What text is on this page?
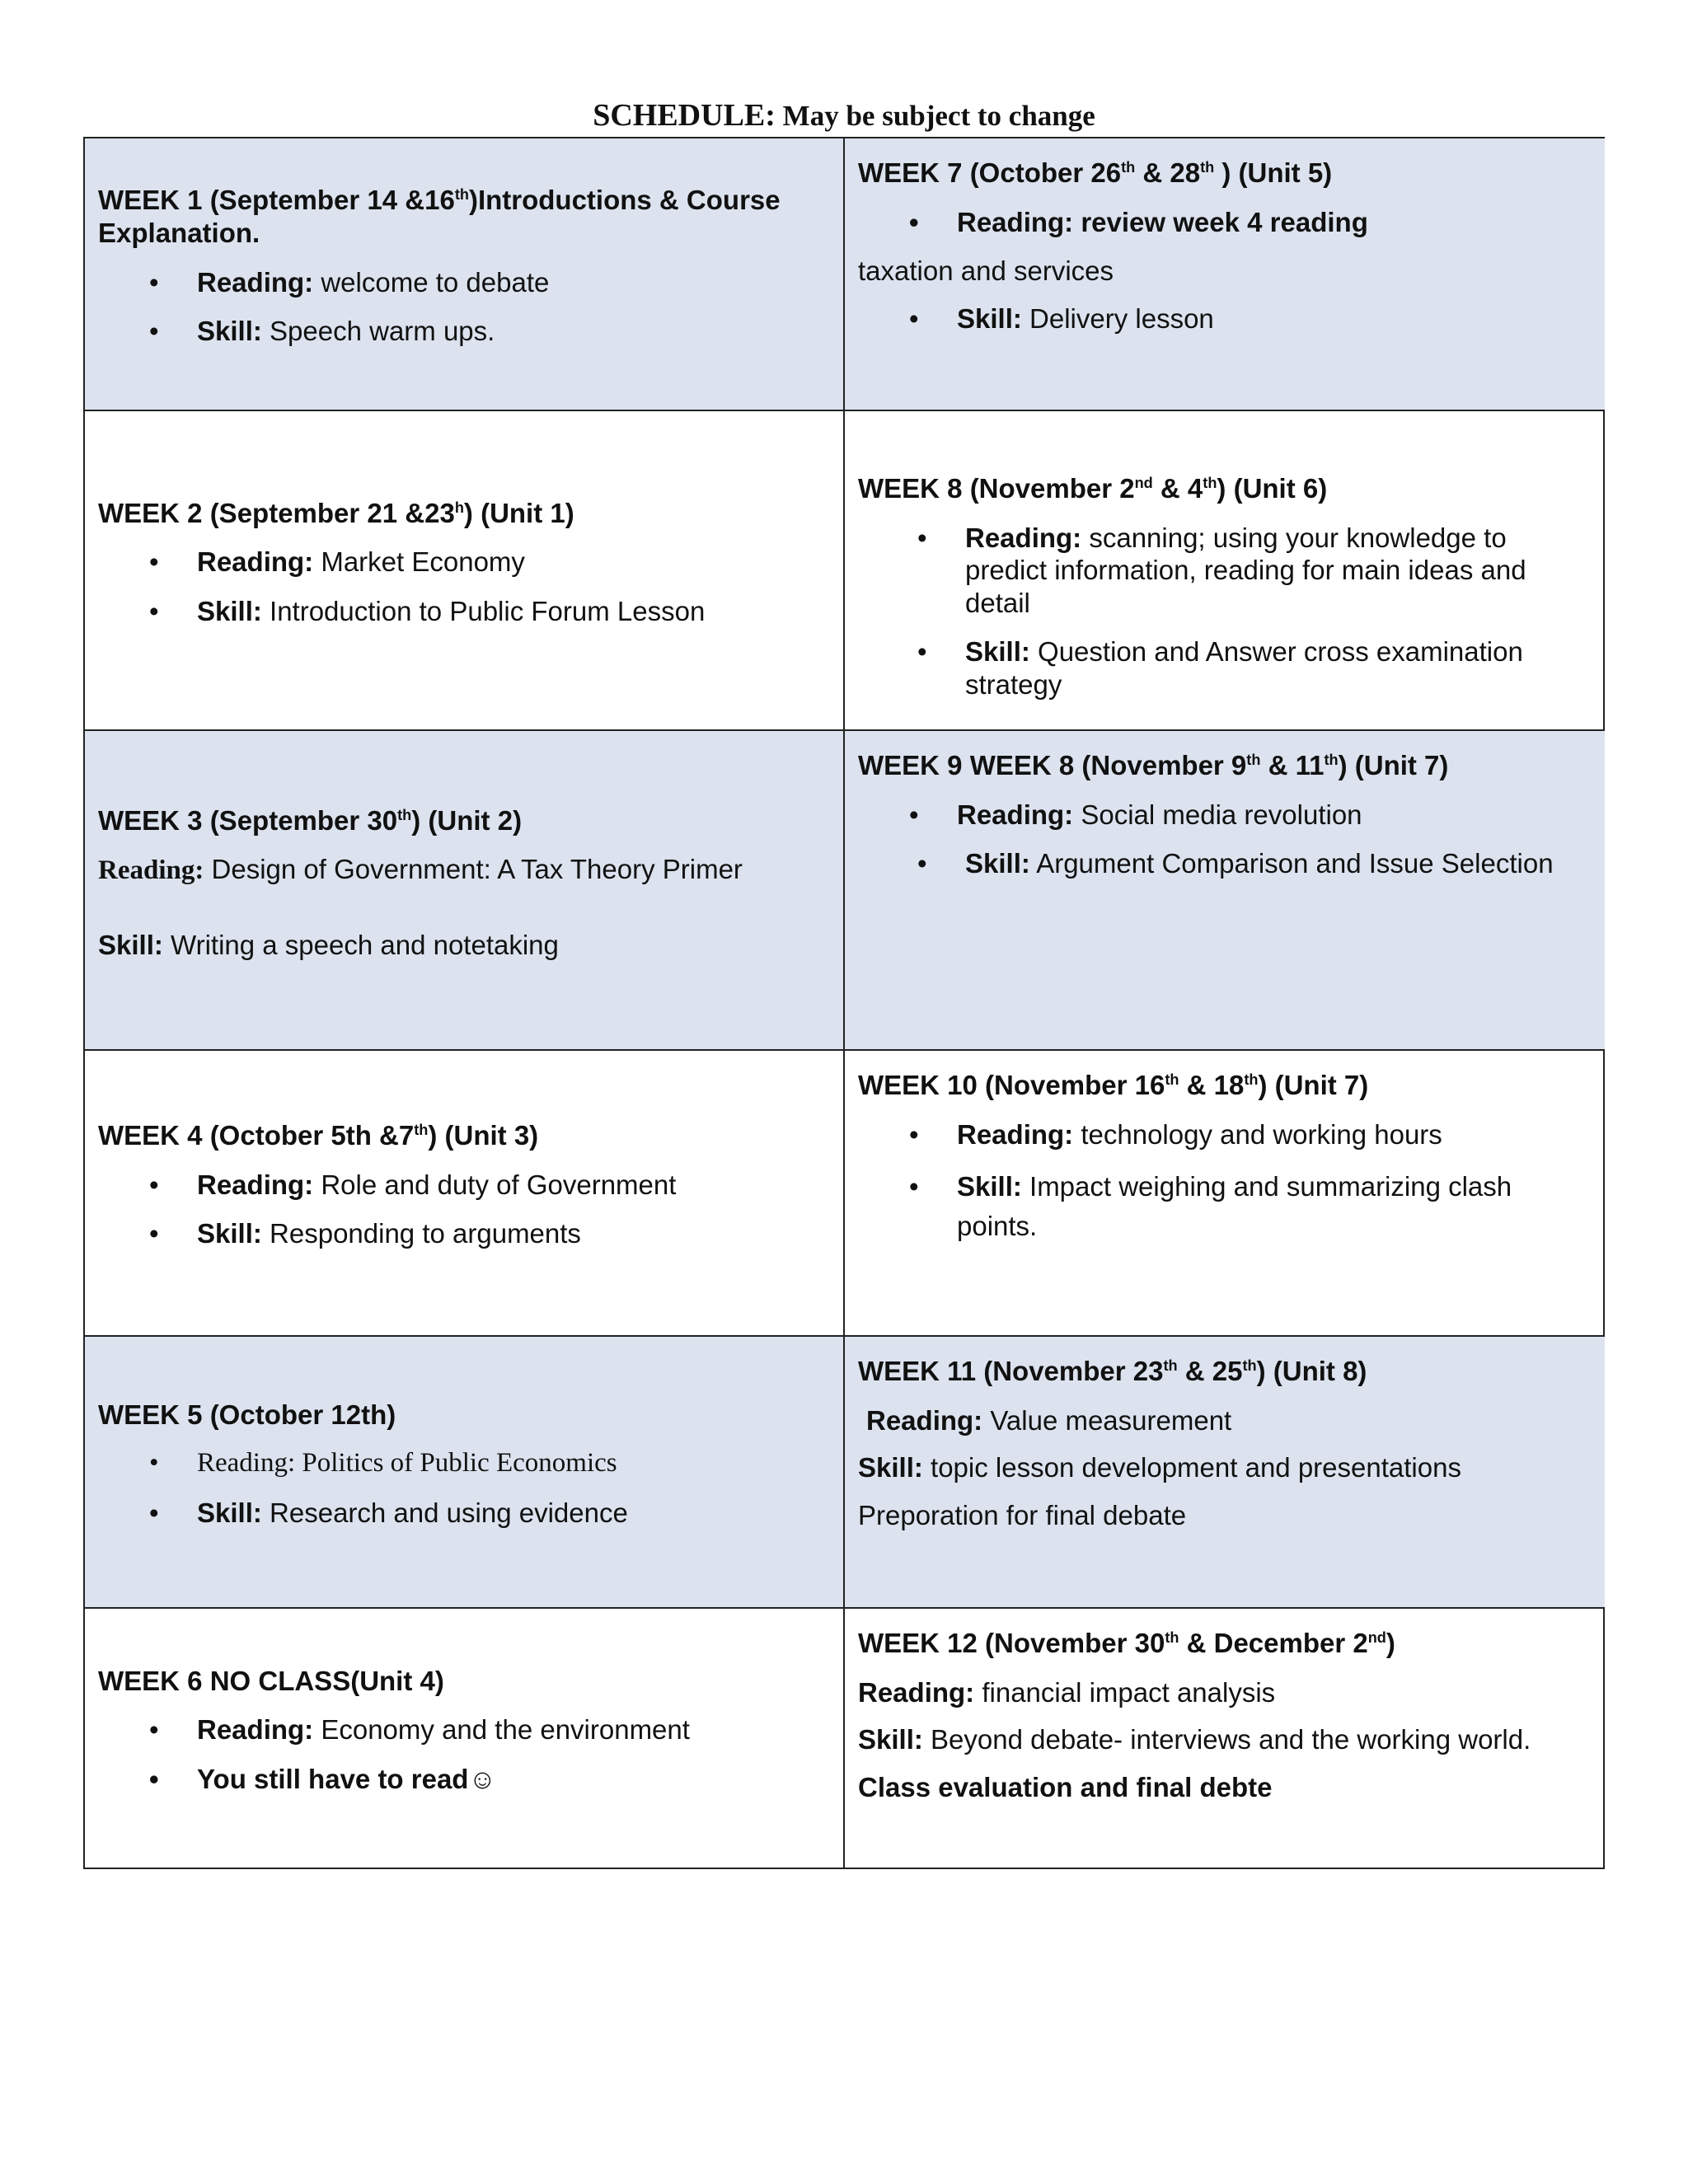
SCHEDULE: May be subject to change
WEEK 1 (September 14 &16th)Introductions & Course Explanation.
• Reading: welcome to debate
• Skill: Speech warm ups.
WEEK 7 (October 26th & 28th ) (Unit 5)
• Reading: review week 4 reading
taxation and services
• Skill: Delivery lesson
WEEK 2 (September 21 &23$^h$) (Unit 1)
• Reading: Market Economy
• Skill: Introduction to Public Forum Lesson
WEEK 8 (November 2nd & 4th) (Unit 6)
• Reading: scanning; using your knowledge to predict information, reading for main ideas and detail
• Skill: Question and Answer cross examination strategy
WEEK 3 (September 30th) (Unit 2)
Reading: Design of Government: A Tax Theory Primer
Skill: Writing a speech and notetaking
WEEK 9 WEEK 8 (November 9th & 11th) (Unit 7)
• Reading: Social media revolution
• Skill: Argument Comparison and Issue Selection
WEEK 4 (October 5th &7th) (Unit 3)
• Reading: Role and duty of Government
• Skill: Responding to arguments
WEEK 10 (November 16th & 18th) (Unit 7)
• Reading: technology and working hours
• Skill: Impact weighing and summarizing clash points.
WEEK 5 (October 12th)
• Reading: Politics of Public Economics
• Skill: Research and using evidence
WEEK 11 (November 23th & 25th) (Unit 8)
Reading: Value measurement
Skill: topic lesson development and presentations
Preporation for final debate
WEEK 6 NO CLASS(Unit 4)
• Reading: Economy and the environment
• You still have to read☺
WEEK 12 (November 30th & December 2nd)
Reading: financial impact analysis
Skill: Beyond debate- interviews and the working world.
Class evaluation and final debte
